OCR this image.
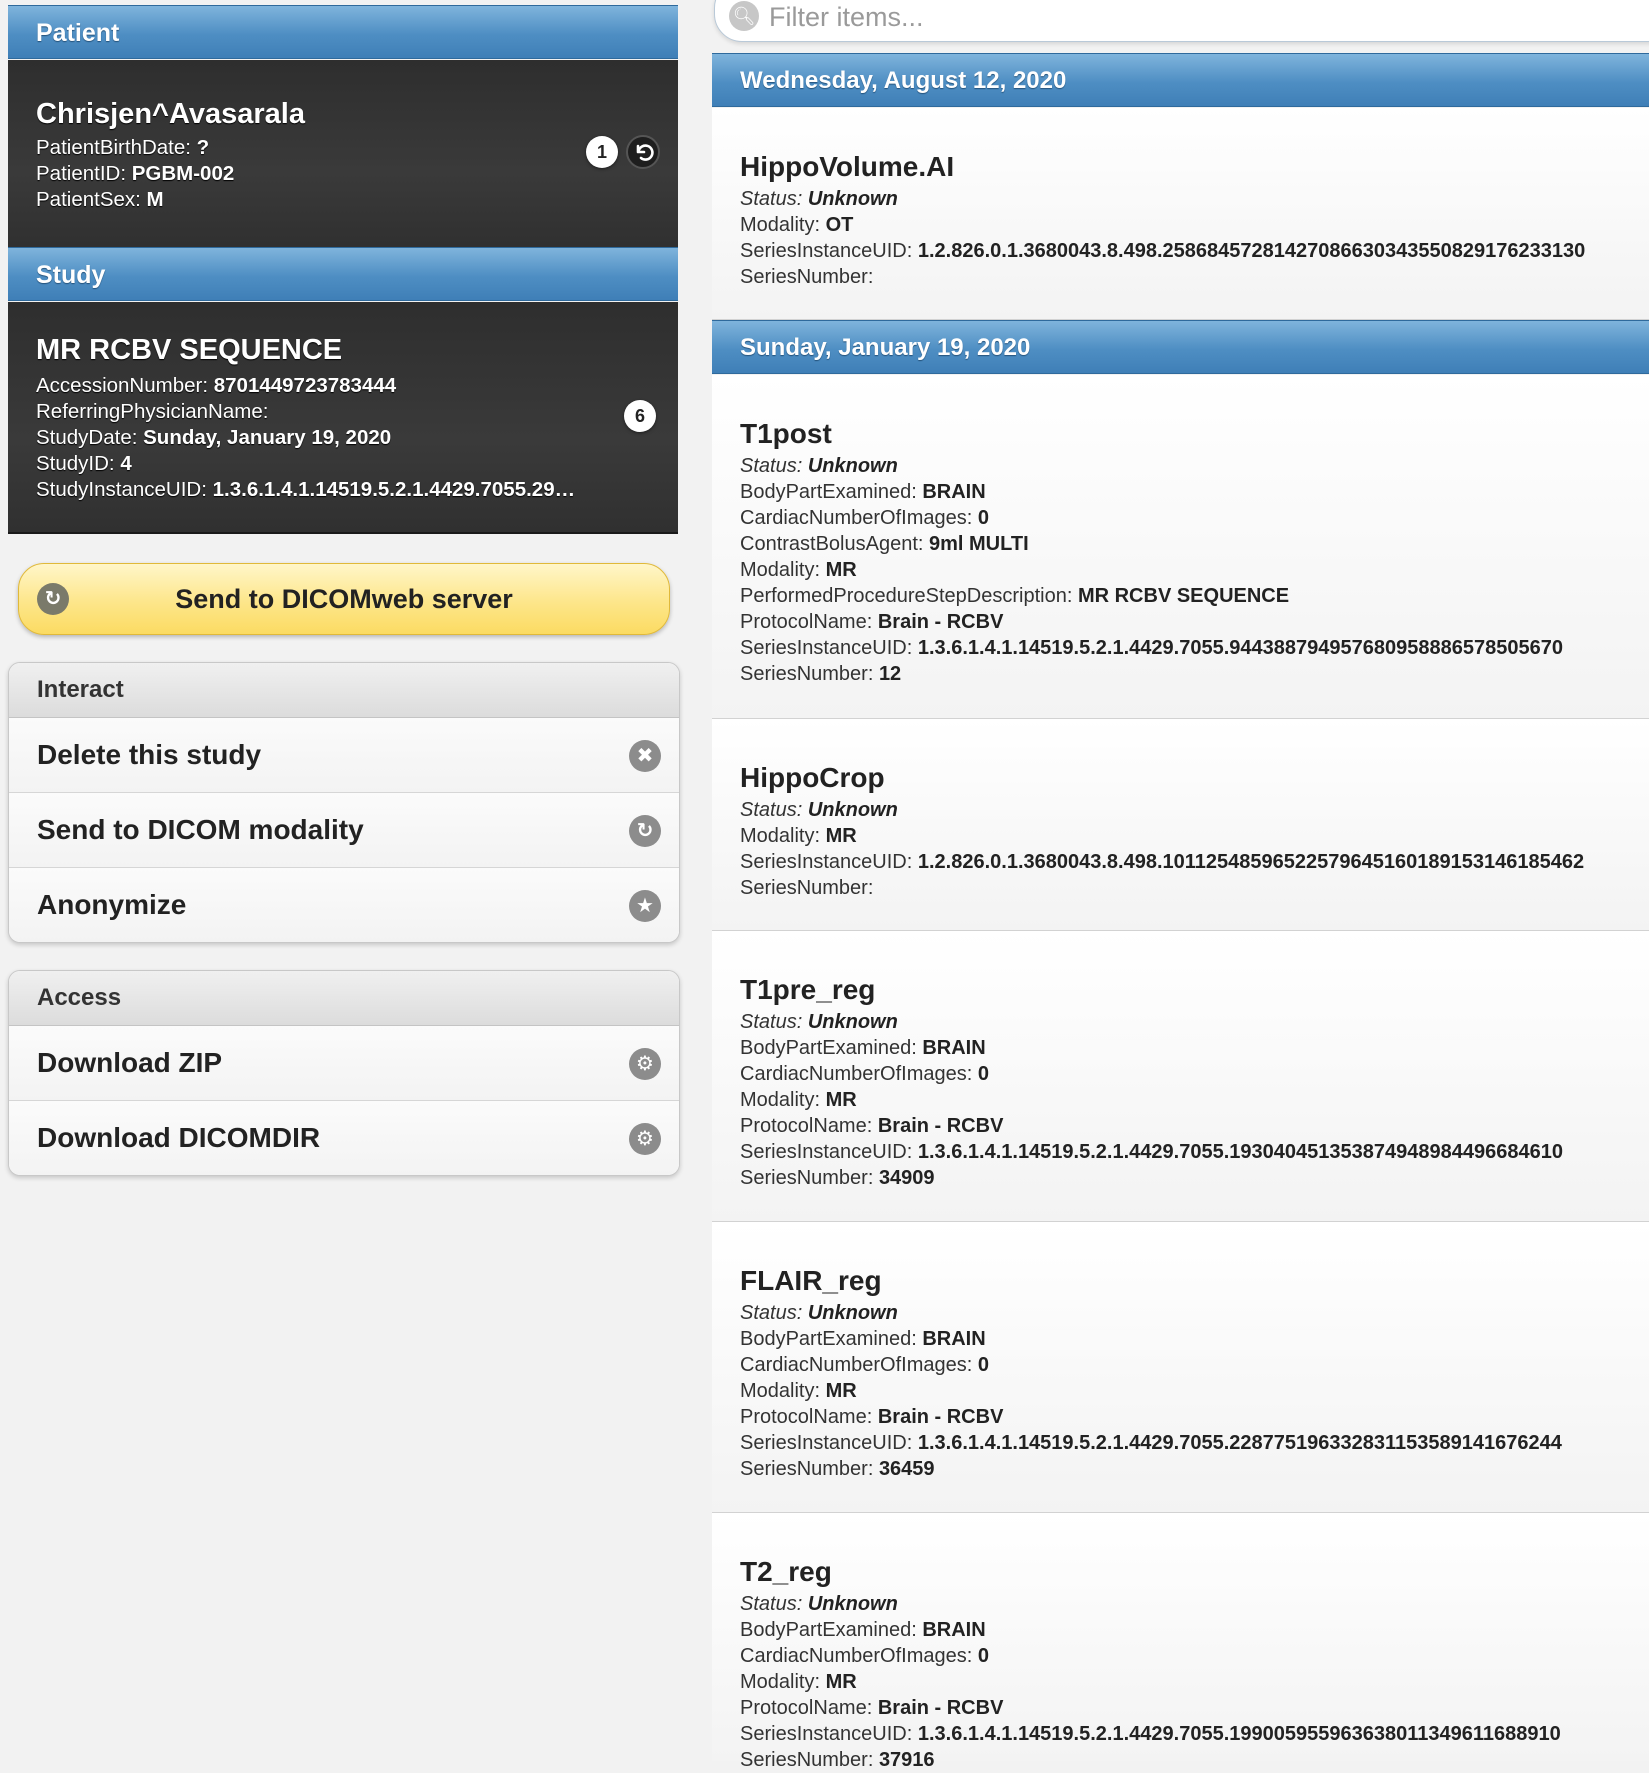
Patient
Chrisjen^Avasarala
PatientBirthDate: ?
PatientID: PGBM-002
PatientSex: M
1
Study
MR RCBV SEQUENCE
AccessionNumber: 8701449723783444
ReferringPhysicianName:
StudyDate: Sunday, January 19, 2020
StudyID: 4
StudyInstanceUID: 1.3.6.1.4.1.14519.5.2.1.4429.7055.29…
6
↻	Send to DICOMweb server
Interact
Delete this study	✖
Send to DICOM modality	↻
Anonymize	★
Access
Download ZIP	⚙
Download DICOMDIR	⚙
🔍︎
Filter items...
Wednesday, August 12, 2020
HippoVolume.AI
Status: Unknown
Modality: OT
SeriesInstanceUID: 1.2.826.0.1.3680043.8.498.25868457281427086630343550829176233130
SeriesNumber:
Sunday, January 19, 2020
T1post
Status: Unknown
BodyPartExamined: BRAIN
CardiacNumberOfImages: 0
ContrastBolusAgent: 9ml MULTI
Modality: MR
PerformedProcedureStepDescription: MR RCBV SEQUENCE
ProtocolName: Brain - RCBV
SeriesInstanceUID: 1.3.6.1.4.1.14519.5.2.1.4429.7055.944388794957680958886578505670
SeriesNumber: 12
HippoCrop
Status: Unknown
Modality: MR
SeriesInstanceUID: 1.2.826.0.1.3680043.8.498.10112548596522579645160189153146185462
SeriesNumber:
T1pre_reg
Status: Unknown
BodyPartExamined: BRAIN
CardiacNumberOfImages: 0
Modality: MR
ProtocolName: Brain - RCBV
SeriesInstanceUID: 1.3.6.1.4.1.14519.5.2.1.4429.7055.193040451353874948984496684610
SeriesNumber: 34909
FLAIR_reg
Status: Unknown
BodyPartExamined: BRAIN
CardiacNumberOfImages: 0
Modality: MR
ProtocolName: Brain - RCBV
SeriesInstanceUID: 1.3.6.1.4.1.14519.5.2.1.4429.7055.228775196332831153589141676244
SeriesNumber: 36459
T2_reg
Status: Unknown
BodyPartExamined: BRAIN
CardiacNumberOfImages: 0
Modality: MR
ProtocolName: Brain - RCBV
SeriesInstanceUID: 1.3.6.1.4.1.14519.5.2.1.4429.7055.199005955963638011349611688910
SeriesNumber: 37916
